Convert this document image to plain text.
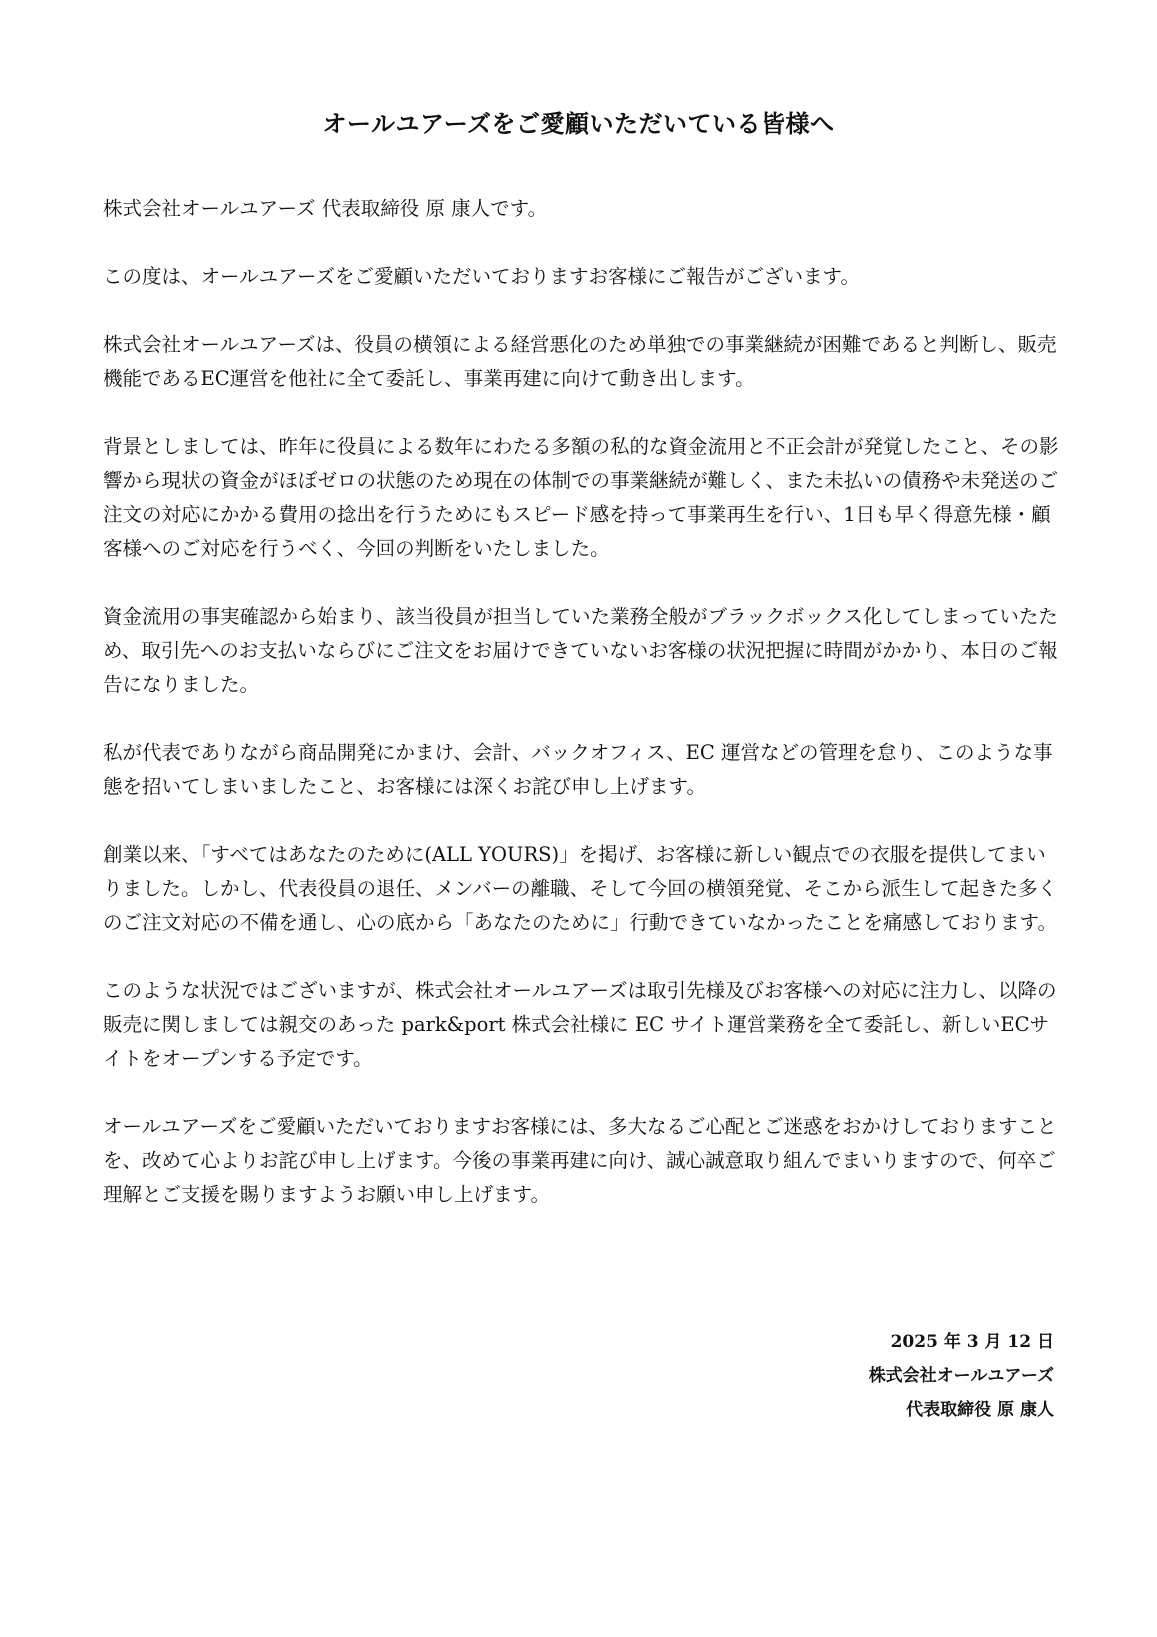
オールユアーズをご愛顧いただいている皆様へ

株式会社オールユアーズ 代表取締役 原 康人です。

この度は、オールユアーズをご愛顧いただいておりますお客様にご報告がございます。

株式会社オールユアーズは、役員の横領による経営悪化のため単独での事業継続が困難であると判断し、販売機能であるEC運営を他社に全て委託し、事業再建に向けて動き出します。

背景としましては、昨年に役員による数年にわたる多額の私的な資金流用と不正会計が発覚したこと、その影響から現状の資金がほぼゼロの状態のため現在の体制での事業継続が難しく、また未払いの債務や未発送のご注文の対応にかかる費用の捻出を行うためにもスピード感を持って事業再生を行い、1日も早く得意先様・顧客様へのご対応を行うべく、今回の判断をいたしました。

資金流用の事実確認から始まり、該当役員が担当していた業務全般がブラックボックス化してしまっていたため、取引先へのお支払いならびにご注文をお届けできていないお客様の状況把握に時間がかかり、本日のご報告になりました。

私が代表でありながら商品開発にかまけ、会計、バックオフィス、EC 運営などの管理を怠り、このような事態を招いてしまいましたこと、お客様には深くお詫び申し上げます。

創業以来、「すべてはあなたのために(ALL YOURS)」を掲げ、お客様に新しい観点での衣服を提供してまいりました。しかし、代表役員の退任、メンバーの離職、そして今回の横領発覚、そこから派生して起きた多くのご注文対応の不備を通し、心の底から「あなたのために」行動できていなかったことを痛感しております。

このような状況ではございますが、株式会社オールユアーズは取引先様及びお客様への対応に注力し、以降の販売に関しましては親交のあった park&port 株式会社様に EC サイト運営業務を全て委託し、新しいECサイトをオープンする予定です。

オールユアーズをご愛顧いただいておりますお客様には、多大なるご心配とご迷惑をおかけしておりますことを、改めて心よりお詫び申し上げます。今後の事業再建に向け、誠心誠意取り組んでまいりますので、何卒ご理解とご支援を賜りますようお願い申し上げます。

2025 年 3 月 12 日
株式会社オールユアーズ
代表取締役 原 康人
